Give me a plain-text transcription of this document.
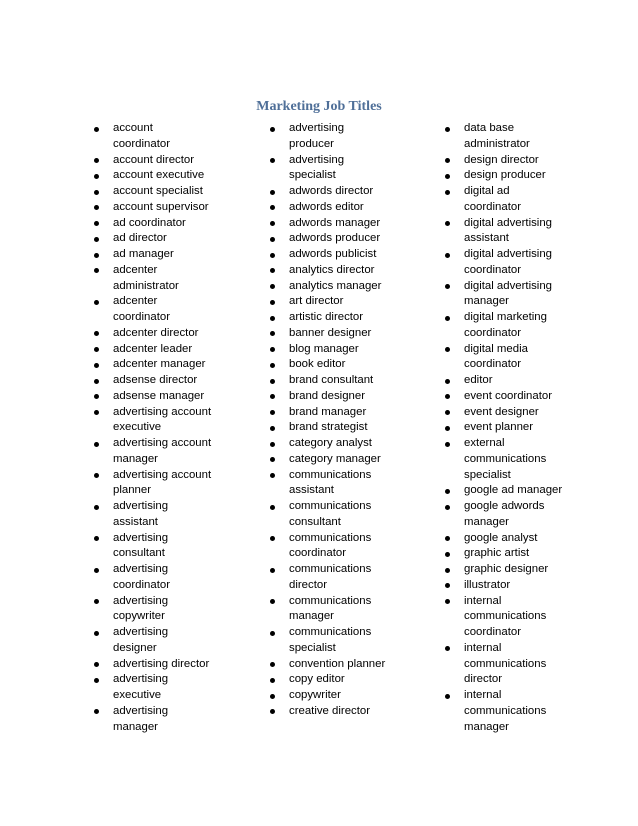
Marketing Job Titles
account
coordinator
account director
account executive
account specialist
account supervisor
ad coordinator
ad director
ad manager
adcenter
administrator
adcenter
coordinator
adcenter director
adcenter leader
adcenter manager
adsense director
adsense manager
advertising account
executive
advertising account
manager
advertising account
planner
advertising
assistant
advertising
consultant
advertising
coordinator
advertising
copywriter
advertising
designer
advertising director
advertising
executive
advertising
manager
advertising
producer
advertising
specialist
adwords director
adwords editor
adwords manager
adwords producer
adwords publicist
analytics director
analytics manager
art director
artistic director
banner designer
blog manager
book editor
brand consultant
brand designer
brand manager
brand strategist
category analyst
category manager
communications
assistant
communications
consultant
communications
coordinator
communications
director
communications
manager
communications
specialist
convention planner
copy editor
copywriter
creative director
data base
administrator
design director
design producer
digital ad
coordinator
digital advertising
assistant
digital advertising
coordinator
digital advertising
manager
digital marketing
coordinator
digital media
coordinator
editor
event coordinator
event designer
event planner
external
communications
specialist
google ad manager
google adwords
manager
google analyst
graphic artist
graphic designer
illustrator
internal
communications
coordinator
internal
communications
director
internal
communications
manager
